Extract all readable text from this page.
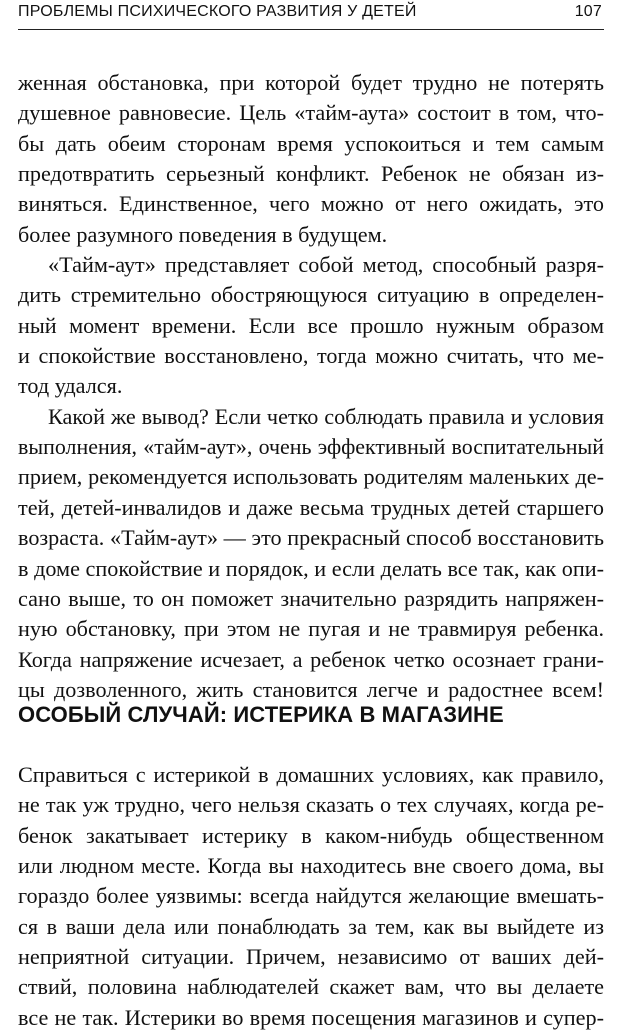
ПРОБЛЕМЫ ПСИХИЧЕСКОГО РАЗВИТИЯ У ДЕТЕЙ	107
женная обстановка, при которой будет трудно не потерять
душевное равновесие. Цель «тайм-аута» состоит в том, что-
бы дать обеим сторонам время успокоиться и тем самым
предотвратить серьезный конфликт. Ребенок не обязан из-
виняться. Единственное, чего можно от него ожидать, это
более разумного поведения в будущем.
«Тайм-аут» представляет собой метод, способный разря-
дить стремительно обостряющуюся ситуацию в определен-
ный момент времени. Если все прошло нужным образом
и спокойствие восстановлено, тогда можно считать, что ме-
тод удался.
Какой же вывод? Если четко соблюдать правила и условия
выполнения, «тайм-аут», очень эффективный воспитательный
прием, рекомендуется использовать родителям маленьких де-
тей, детей-инвалидов и даже весьма трудных детей старшего
возраста. «Тайм-аут» — это прекрасный способ восстановить
в доме спокойствие и порядок, и если делать все так, как опи-
сано выше, то он поможет значительно разрядить напряжен-
ную обстановку, при этом не пугая и не травмируя ребенка.
Когда напряжение исчезает, а ребенок четко осознает грани-
цы дозволенного, жить становится легче и радостнее всем!
ОСОБЫЙ СЛУЧАЙ: ИСТЕРИКА В МАГАЗИНЕ
Справиться с истерикой в домашних условиях, как правило,
не так уж трудно, чего нельзя сказать о тех случаях, когда ре-
бенок закатывает истерику в каком-нибудь общественном
или людном месте. Когда вы находитесь вне своего дома, вы
гораздо более уязвимы: всегда найдутся желающие вмешать-
ся в ваши дела или понаблюдать за тем, как вы выйдете из
неприятной ситуации. Причем, независимо от ваших дей-
ствий, половина наблюдателей скажет вам, что вы делаете
все не так. Истерики во время посещения магазинов и супер-
